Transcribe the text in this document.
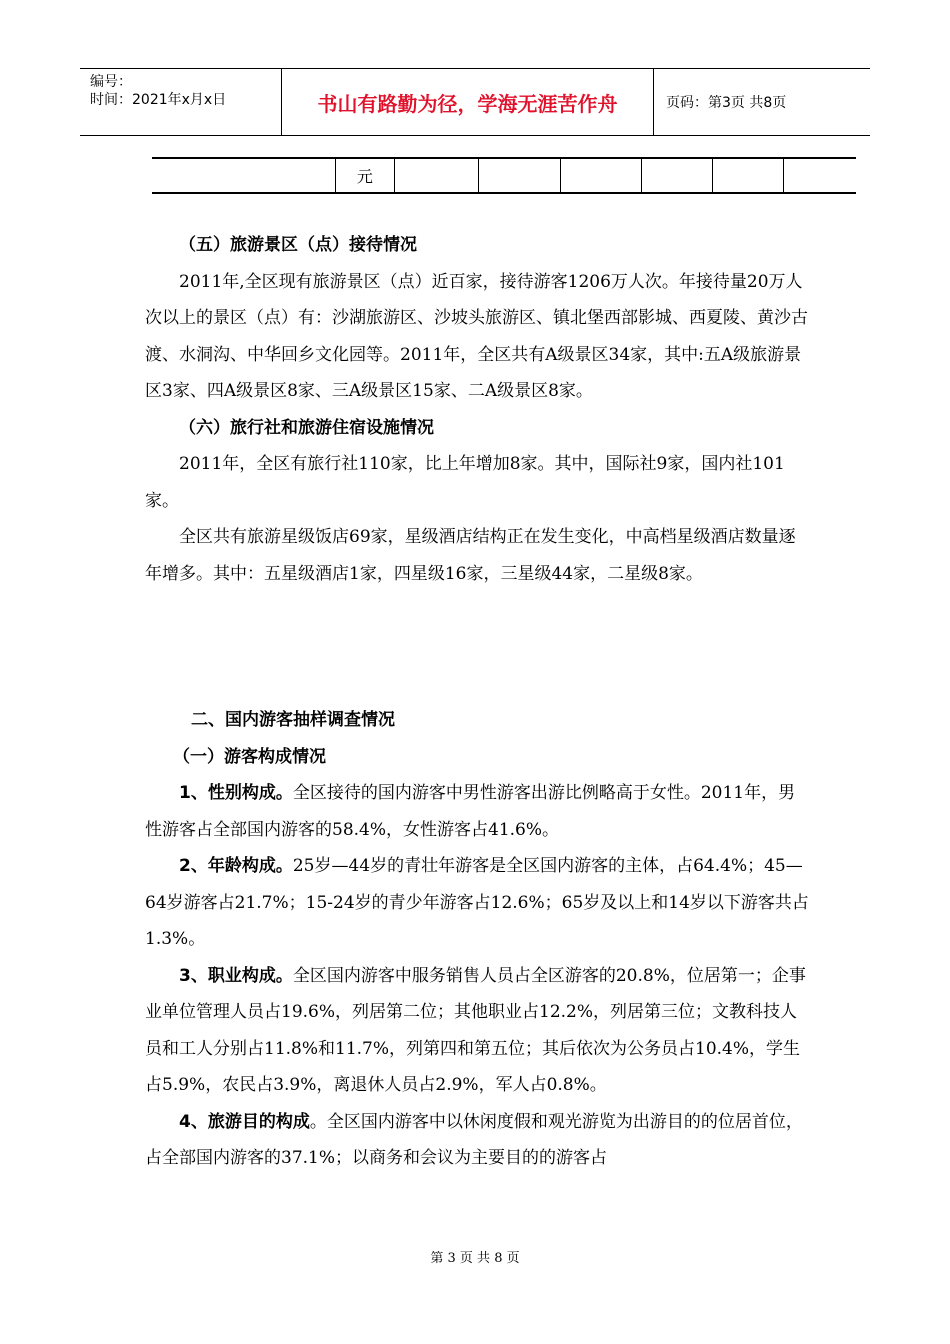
编号：
时间：2021年x月x日	书山有路勤为径，学海无涯苦作舟	页码：第3页 共8页
	元						

（五）旅游景区（点）接待情况

2011年,全区现有旅游景区（点）近百家，接待游客1206万人次。年接待量20万人次以上的景区（点）有：沙湖旅游区、沙坡头旅游区、镇北堡西部影城、西夏陵、黄沙古渡、水洞沟、中华回乡文化园等。2011年，全区共有A级景区34家，其中:五A级旅游景区3家、四A级景区8家、三A级景区15家、二A级景区8家。

（六）旅行社和旅游住宿设施情况

2011年，全区有旅行社110家，比上年增加8家。其中，国际社9家，国内社101 家。

全区共有旅游星级饭店69家，星级酒店结构正在发生变化，中高档星级酒店数量逐年增多。其中：五星级酒店1家，四星级16家，三星级44家，二星级8家。

二、国内游客抽样调查情况

（一）游客构成情况

1、性别构成。全区接待的国内游客中男性游客出游比例略高于女性。2011年，男性游客占全部国内游客的58.4%，女性游客占41.6%。

2、年龄构成。25岁—44岁的青壮年游客是全区国内游客的主体，占64.4%；45—64岁游客占21.7%；15-24岁的青少年游客占12.6%；65岁及以上和14岁以下游客共占1.3%。

3、职业构成。全区国内游客中服务销售人员占全区游客的20.8%，位居第一；企事业单位管理人员占19.6%，列居第二位；其他职业占12.2%，列居第三位；文教科技人员和工人分别占11.8%和11.7%，列第四和第五位；其后依次为公务员占10.4%，学生占5.9%，农民占3.9%，离退休人员占2.9%，军人占0.8%。

4、旅游目的构成。全区国内游客中以休闲度假和观光游览为出游目的的位居首位，占全部国内游客的37.1%；以商务和会议为主要目的的游客占

第 3 页 共 8 页
